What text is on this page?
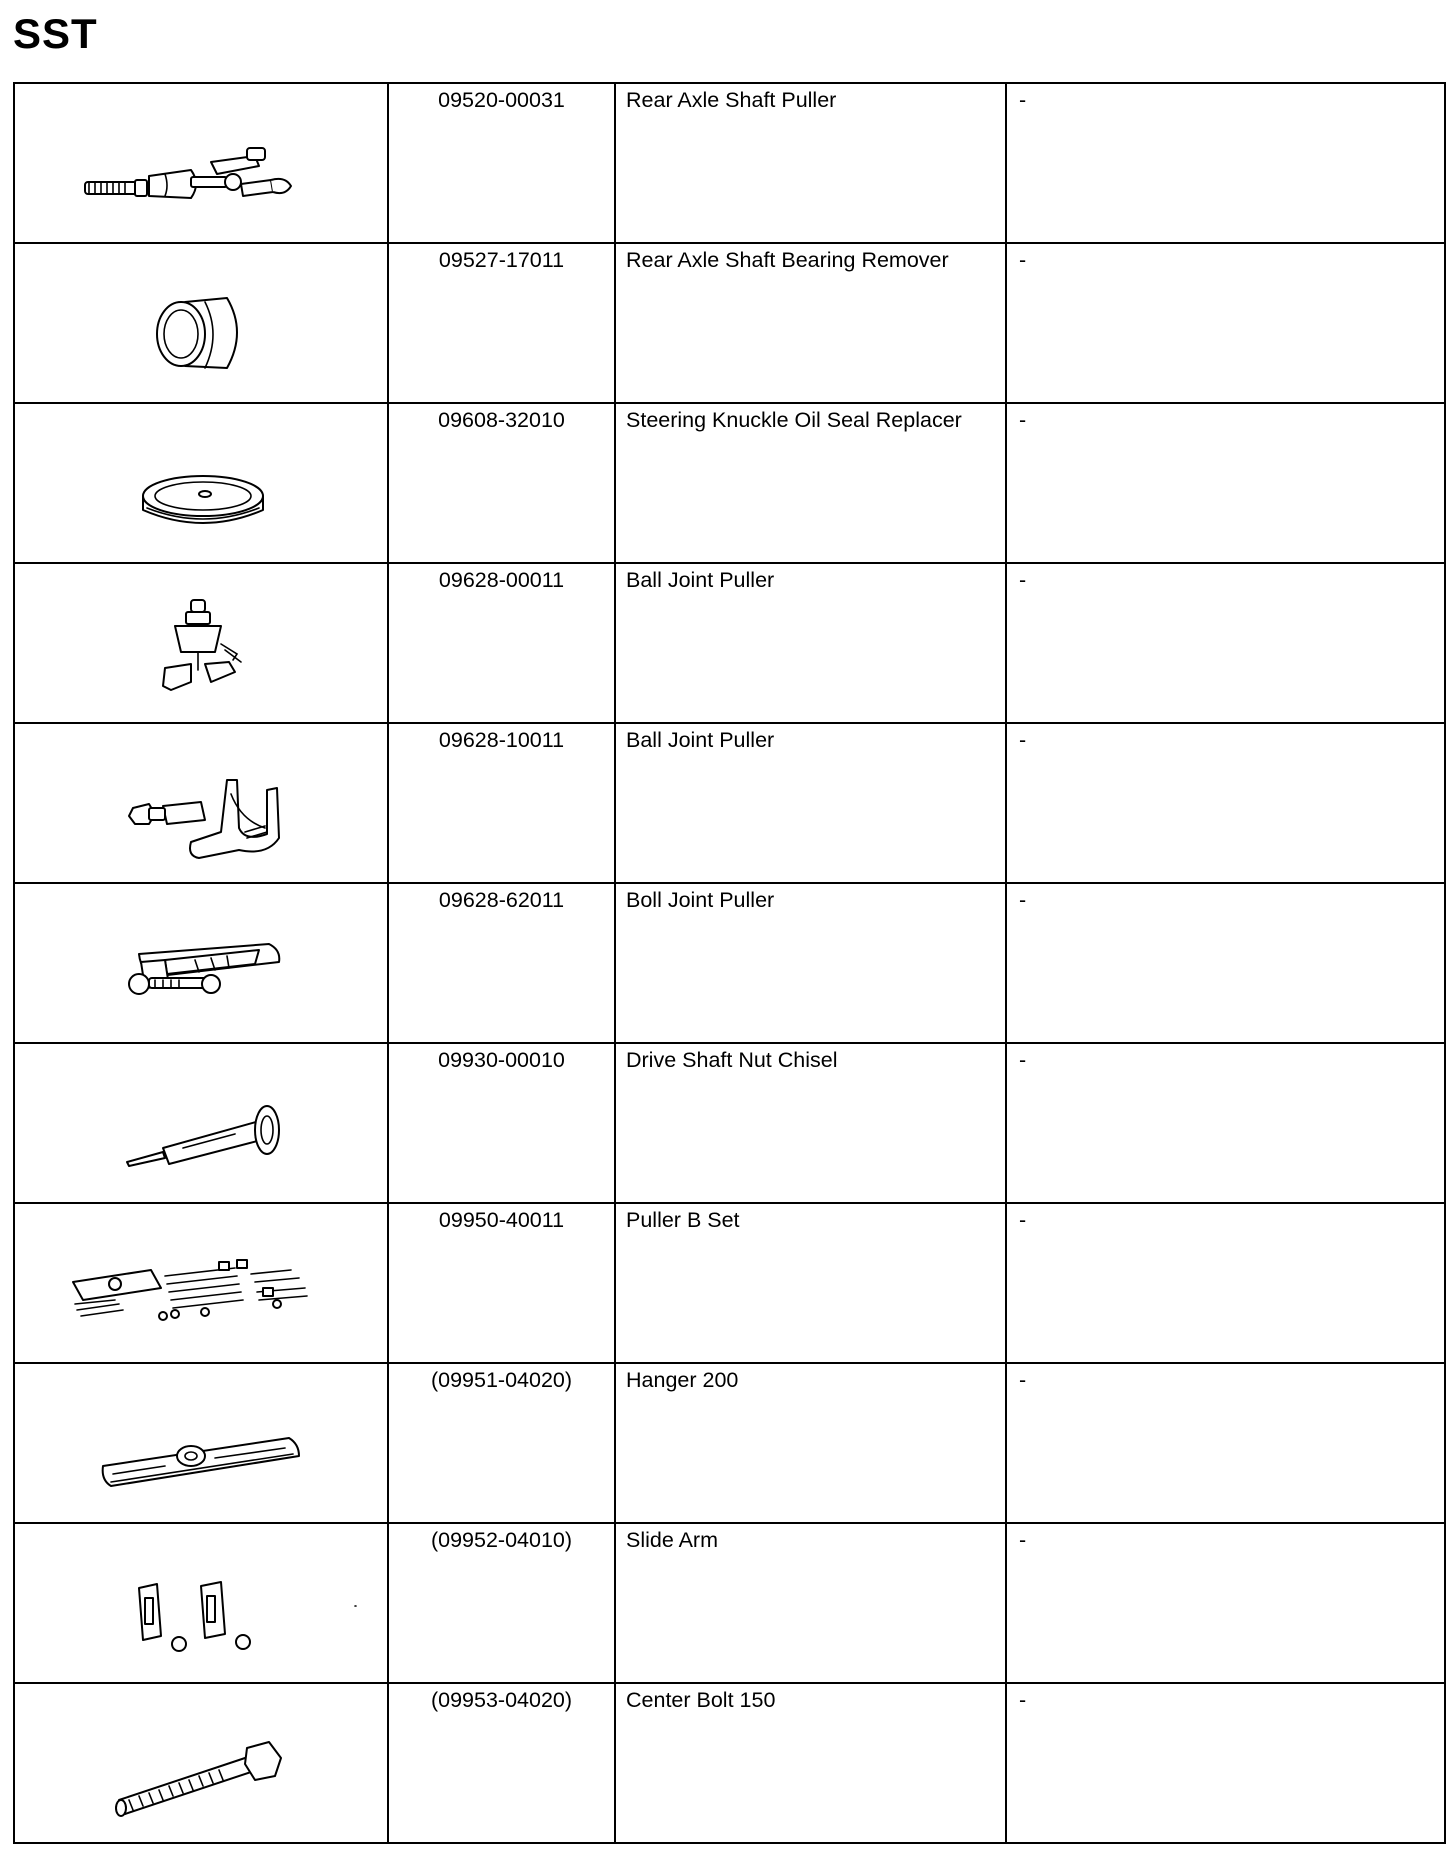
SST

09520-00031	Rear Axle Shaft Puller	-

09527-17011	Rear Axle Shaft Bearing Remover	-

09608-32010	Steering Knuckle Oil Seal Replacer	-

09628-00011	Ball Joint Puller	-

09628-10011	Ball Joint Puller	-

09628-62011	Boll Joint Puller	-

09930-00010	Drive Shaft Nut Chisel	-

09950-40011	Puller B Set	-

(09951-04020)	Hanger 200	-

(09952-04010)	Slide Arm	-

(09953-04020)	Center Bolt 150	-
